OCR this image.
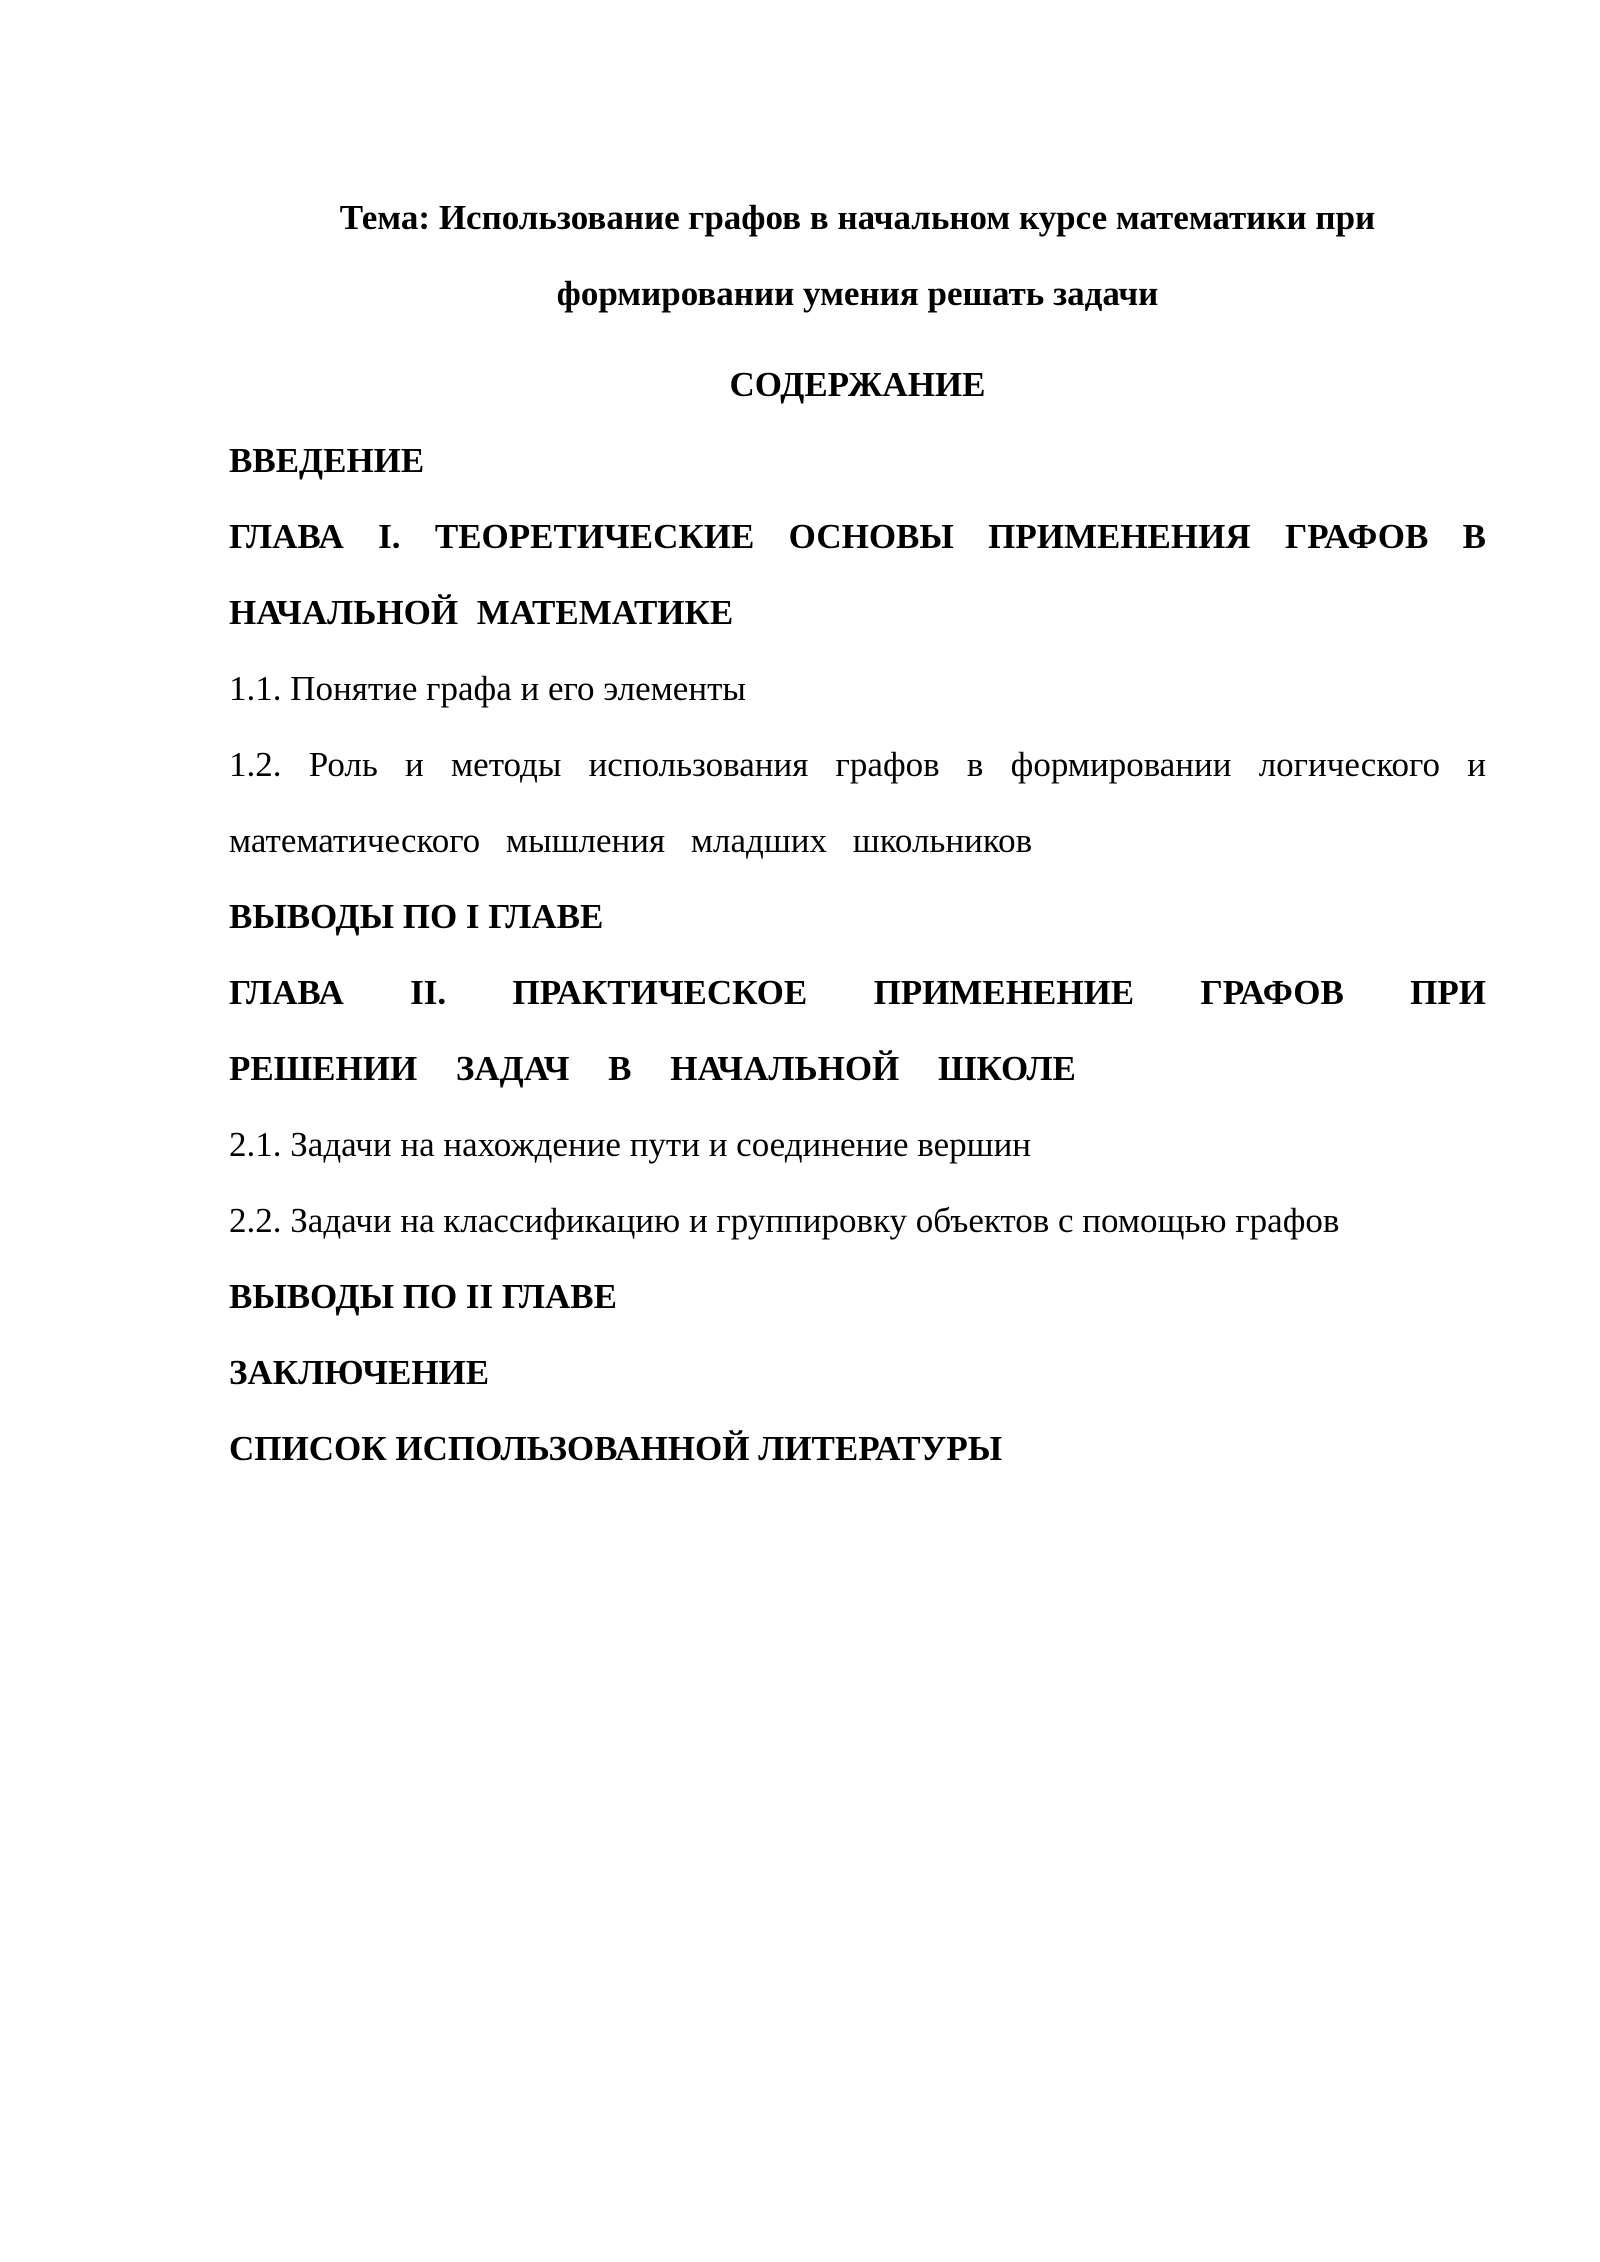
Тема: Использование графов в начальном курсе математики при
формировании умения решать задачи
СОДЕРЖАНИЕ
ВВЕДЕНИЕ
ГЛАВА I. ТЕОРЕТИЧЕСКИЕ ОСНОВЫ ПРИМЕНЕНИЯ ГРАФОВ В
НАЧАЛЬНОЙ МАТЕМАТИКЕ
1.1. Понятие графа и его элементы
1.2. Роль и методы использования графов в формировании логического и
математического мышления младших школьников
ВЫВОДЫ ПО I ГЛАВЕ
ГЛАВА II. ПРАКТИЧЕСКОЕ ПРИМЕНЕНИЕ ГРАФОВ ПРИ
РЕШЕНИИ ЗАДАЧ В НАЧАЛЬНОЙ ШКОЛЕ
2.1. Задачи на нахождение пути и соединение вершин
2.2. Задачи на классификацию и группировку объектов с помощью графов
ВЫВОДЫ ПО II ГЛАВЕ
ЗАКЛЮЧЕНИЕ
СПИСОК ИСПОЛЬЗОВАННОЙ ЛИТЕРАТУРЫ
